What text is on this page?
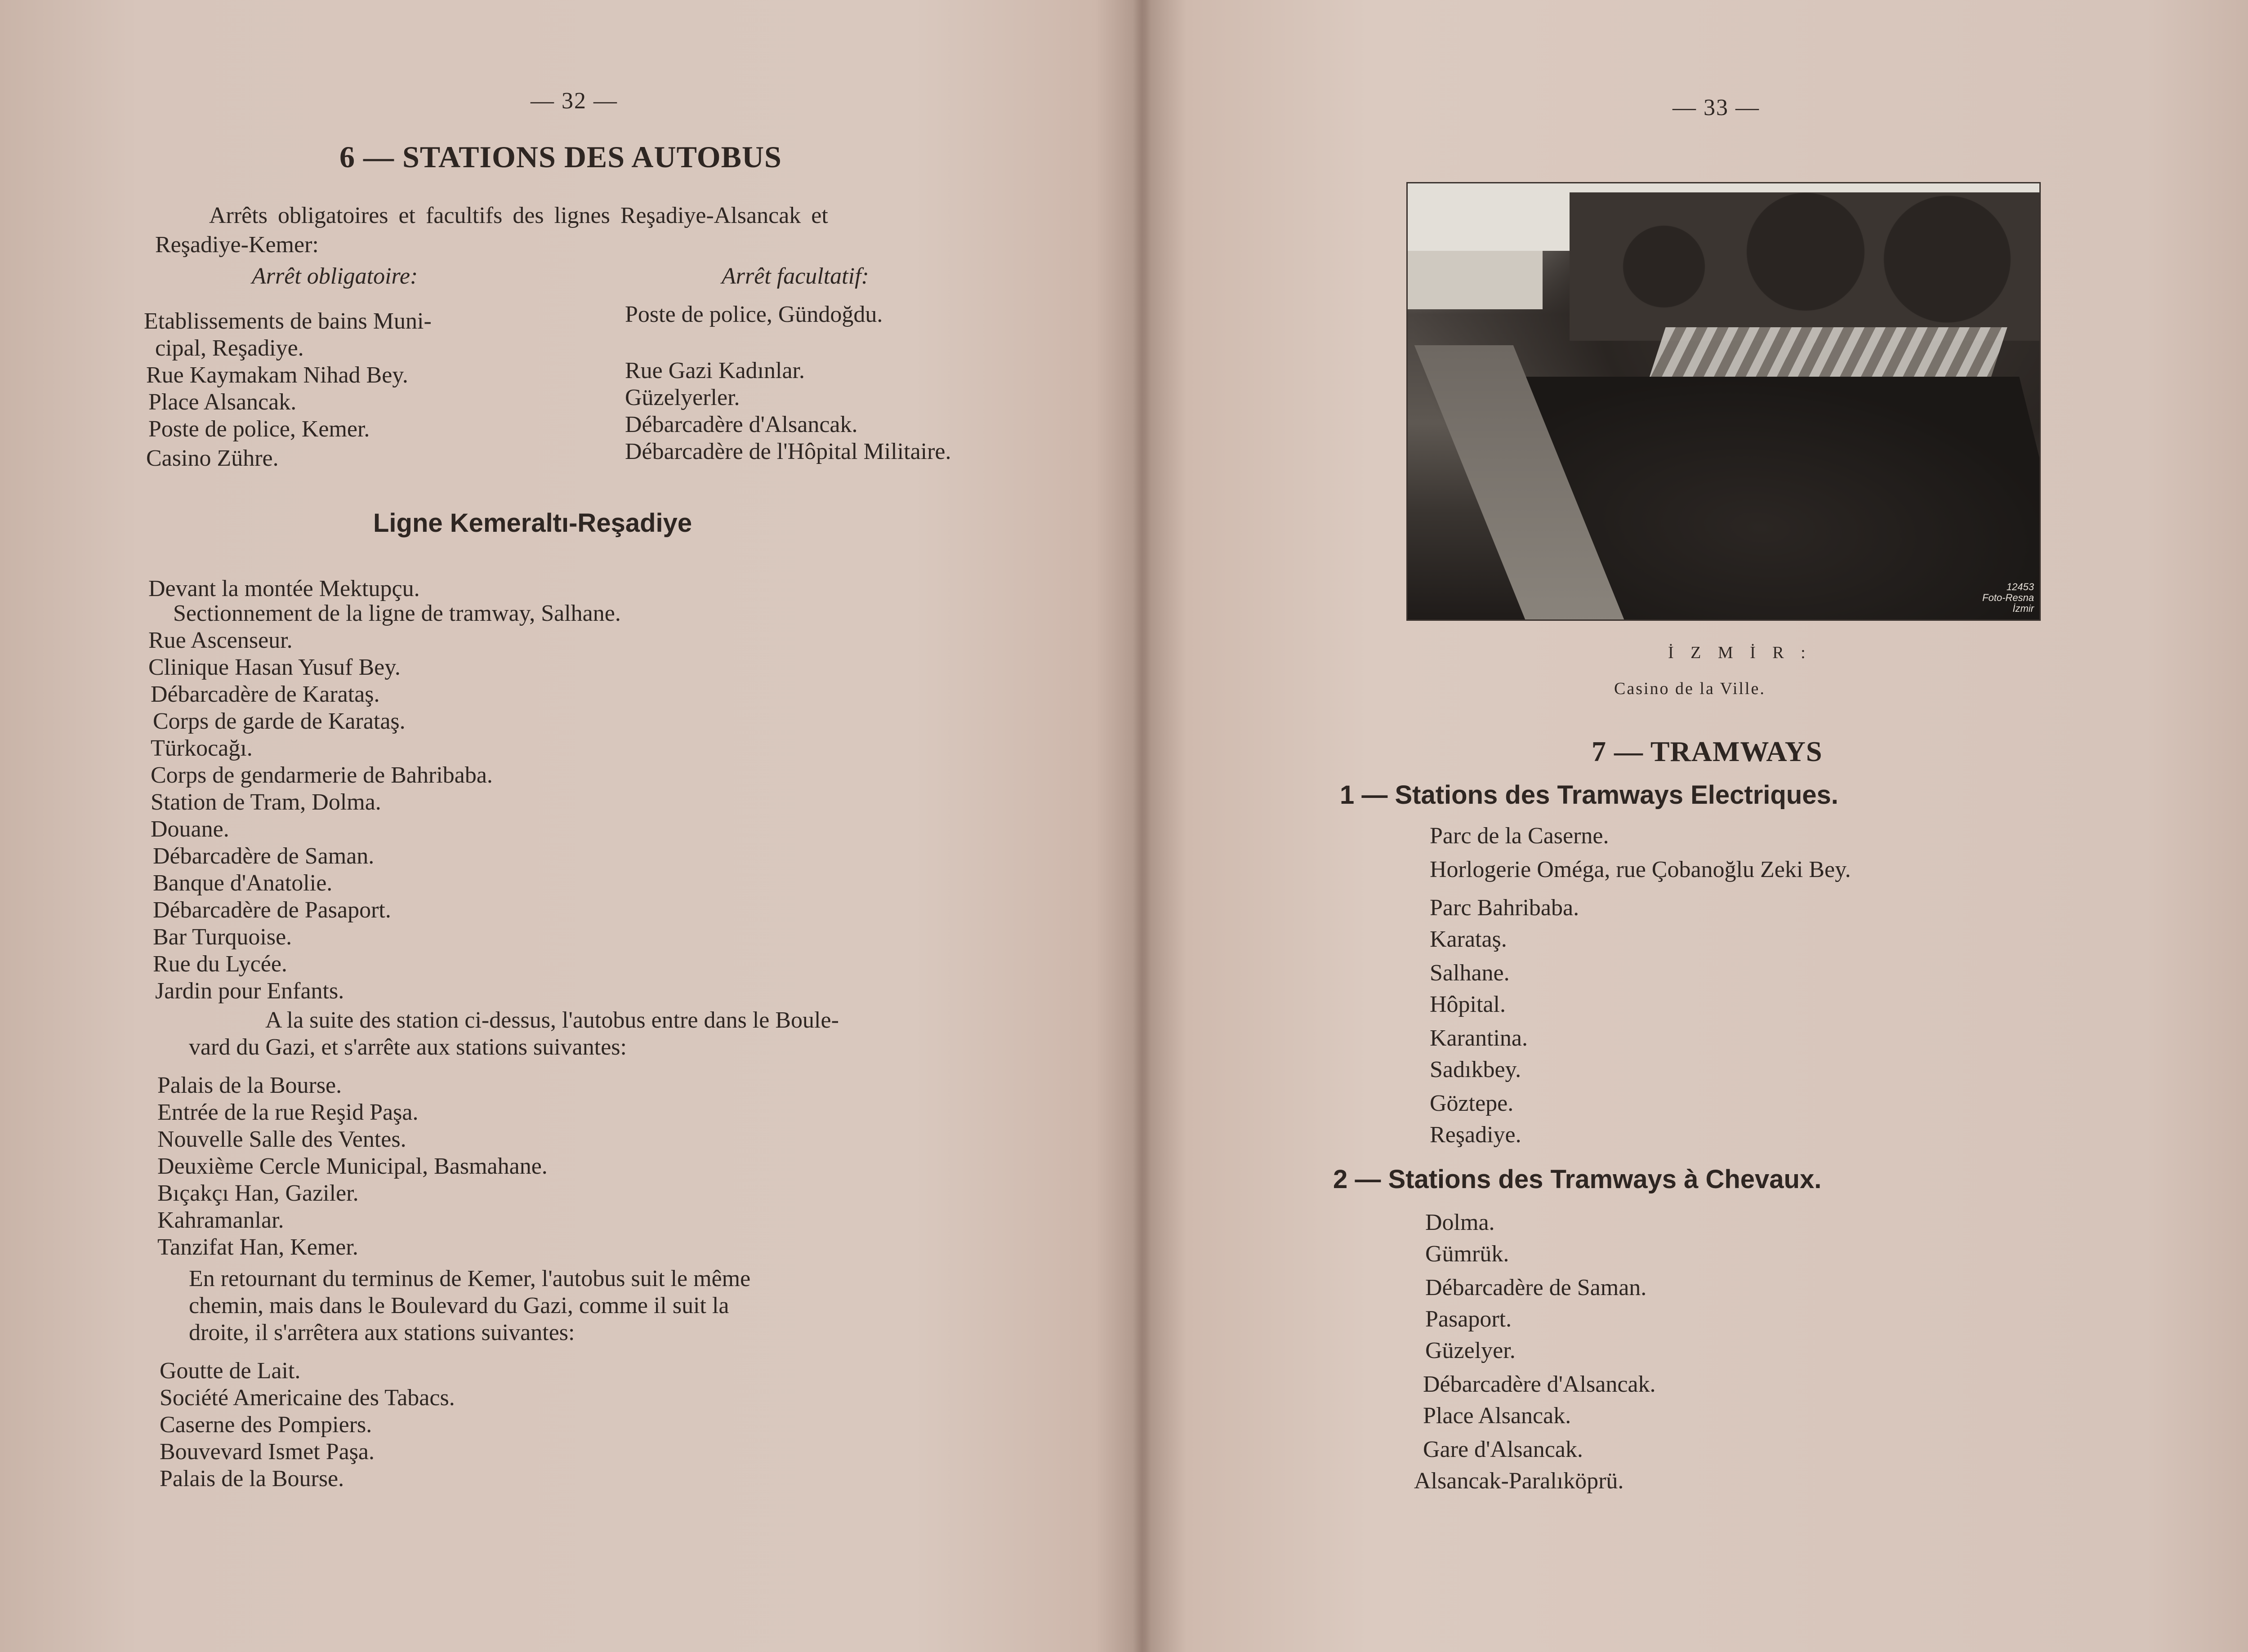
— 32 —
6 — STATIONS DES AUTOBUS
Arrêts obligatoires et facultifs des lignes Reşadiye-Alsancak et
Reşadiye-Kemer:
Arrêt obligatoire:	Arrêt facultatif:
Etablissements de bains Muni-
cipal, Reşadiye.
Rue Kaymakam Nihad Bey.
Place Alsancak.
Poste de police, Kemer.
Casino Zühre.
Poste de police, Gündoğdu.
Rue Gazi Kadınlar.
Güzelyerler.
Débarcadère d'Alsancak.
Débarcadère de l'Hôpital Militaire.
Ligne Kemeraltı-Reşadiye
Devant la montée Mektupçu.
Sectionnement de la ligne de tramway, Salhane.
Rue Ascenseur.
Clinique Hasan Yusuf Bey.
Débarcadère de Karataş.
Corps de garde de Karataş.
Türkocağı.
Corps de gendarmerie de Bahribaba.
Station de Tram, Dolma.
Douane.
Débarcadère de Saman.
Banque d'Anatolie.
Débarcadère de Pasaport.
Bar Turquoise.
Rue du Lycée.
Jardin pour Enfants.
A la suite des station ci-dessus, l'autobus entre dans le Boule-
vard du Gazi, et s'arrête aux stations suivantes:
Palais de la Bourse.
Entrée de la rue Reşid Paşa.
Nouvelle Salle des Ventes.
Deuxième Cercle Municipal, Basmahane.
Bıçakçı Han, Gaziler.
Kahramanlar.
Tanzifat Han, Kemer.
En retournant du terminus de Kemer, l'autobus suit le même
chemin, mais dans le Boulevard du Gazi, comme il suit la
droite, il s'arrêtera aux stations suivantes:
Goutte de Lait.
Société Americaine des Tabacs.
Caserne des Pompiers.
Bouvevard Ismet Paşa.
Palais de la Bourse.
— 33 —
12453
Foto-Resna
İzmir
İ Z M İ R :
Casino de la Ville.
7 — TRAMWAYS
1 — Stations des Tramways Electriques.
Parc de la Caserne.
Horlogerie Oméga, rue Çobanoğlu Zeki Bey.
Parc Bahribaba.
Karataş.
Salhane.
Hôpital.
Karantina.
Sadıkbey.
Göztepe.
Reşadiye.
2 — Stations des Tramways à Chevaux.
Dolma.
Gümrük.
Débarcadère de Saman.
Pasaport.
Güzelyer.
Débarcadère d'Alsancak.
Place Alsancak.
Gare d'Alsancak.
Alsancak-Paralıköprü.
